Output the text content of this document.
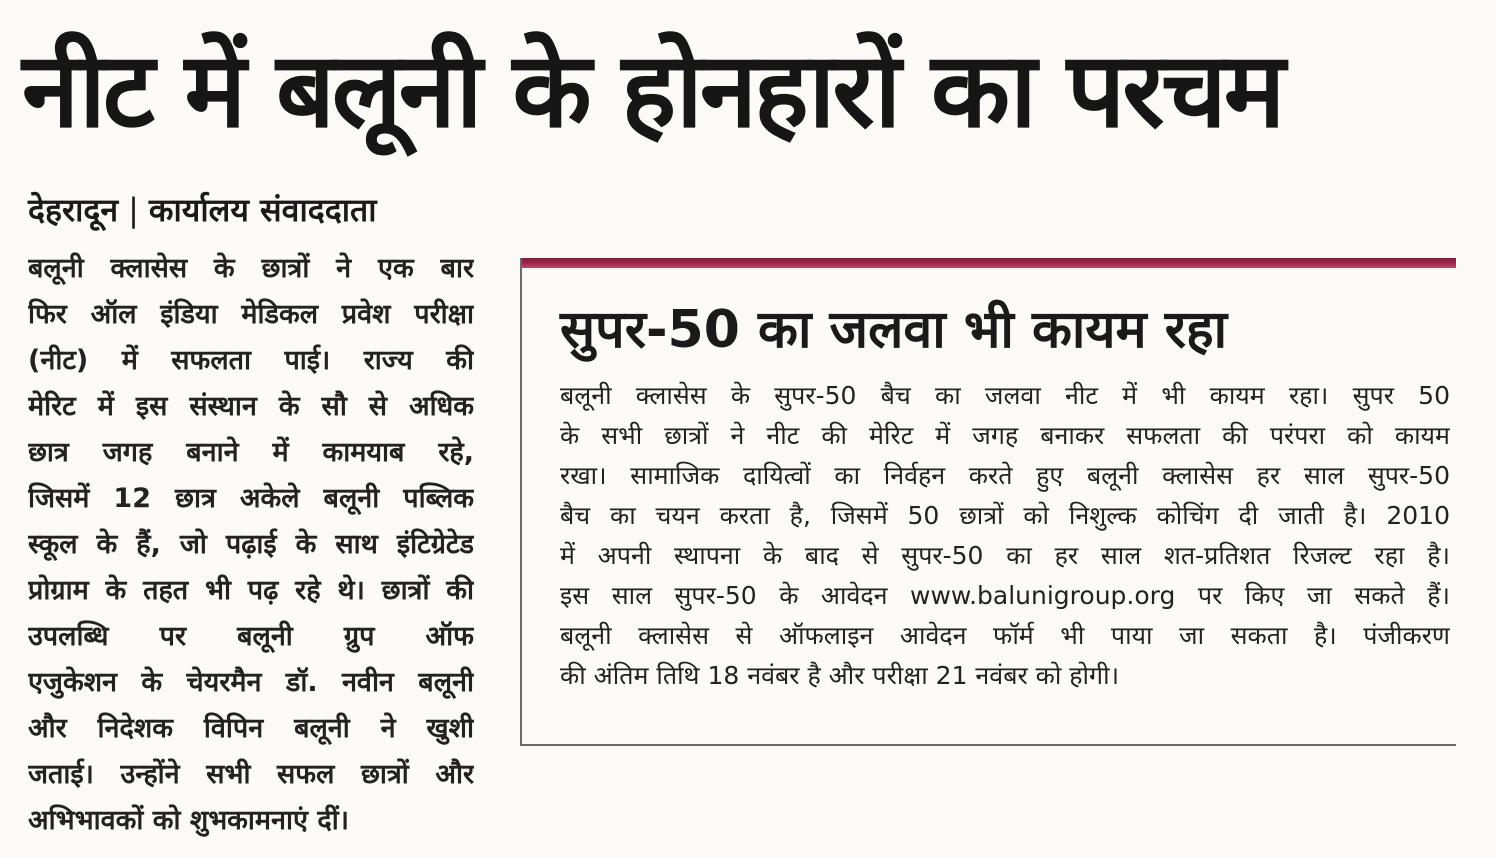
नीट में बलूनी के होनहारों का परचम
देहरादून | कार्यालय संवाददाता
बलूनी क्लासेस के छात्रों ने एक बार
फिर ऑल इंडिया मेडिकल प्रवेश परीक्षा
(नीट) में सफलता पाई। राज्य की
मेरिट में इस संस्थान के सौ से अधिक
छात्र जगह बनाने में कामयाब रहे,
जिसमें 12 छात्र अकेले बलूनी पब्लिक
स्कूल के हैं, जो पढ़ाई के साथ इंटिग्रेटेड
प्रोग्राम के तहत भी पढ़ रहे थे। छात्रों की
उपलब्धि पर बलूनी ग्रुप ऑफ
एजुकेशन के चेयरमैन डॉ. नवीन बलूनी
और निदेशक विपिन बलूनी ने खुशी
जताई। उन्होंने सभी सफल छात्रों और
अभिभावकों को शुभकामनाएं दीं।
सुपर-50 का जलवा भी कायम रहा
बलूनी क्लासेस के सुपर-50 बैच का जलवा नीट में भी कायम रहा। सुपर 50
के सभी छात्रों ने नीट की मेरिट में जगह बनाकर सफलता की परंपरा को कायम
रखा। सामाजिक दायित्वों का निर्वहन करते हुए बलूनी क्लासेस हर साल सुपर-50
बैच का चयन करता है, जिसमें 50 छात्रों को निशुल्क कोचिंग दी जाती है। 2010
में अपनी स्थापना के बाद से सुपर-50 का हर साल शत-प्रतिशत रिजल्ट रहा है।
इस साल सुपर-50 के आवेदन www.balunigroup.org पर किए जा सकते हैं।
बलूनी क्लासेस से ऑफलाइन आवेदन फॉर्म भी पाया जा सकता है। पंजीकरण
की अंतिम तिथि 18 नवंबर है और परीक्षा 21 नवंबर को होगी।
